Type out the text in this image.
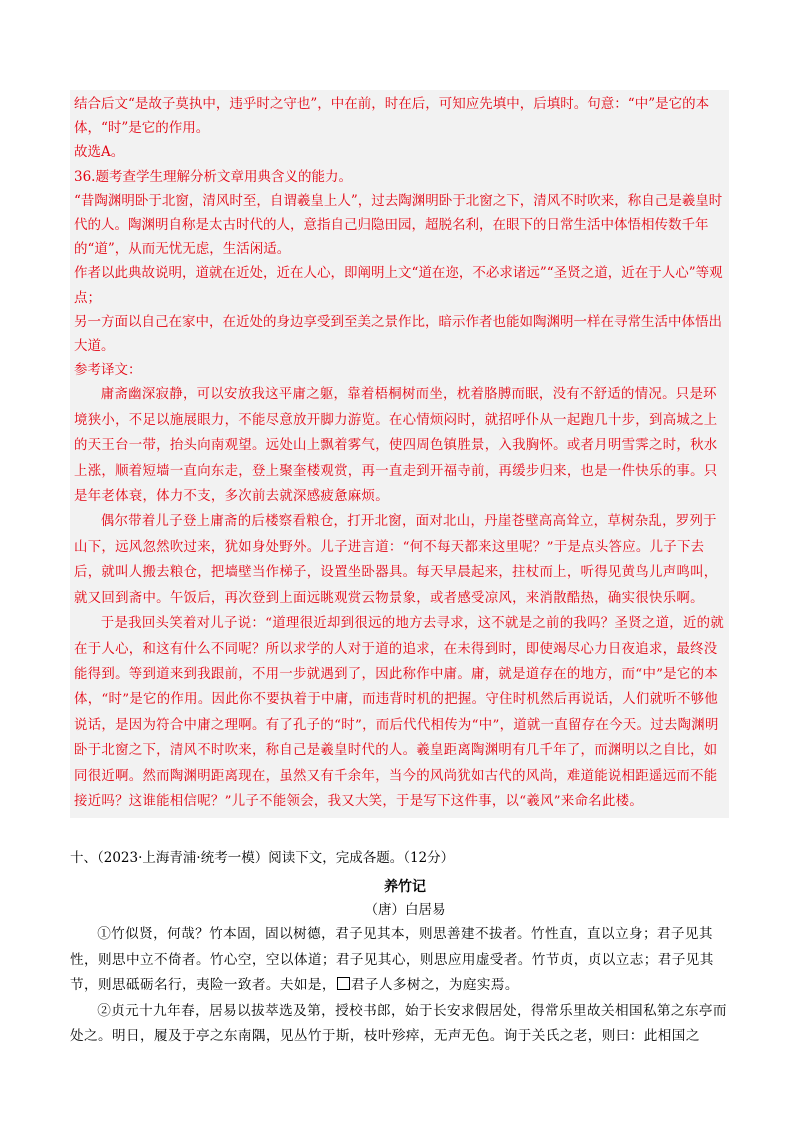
结合后文“是故子莫执中，违乎时之守也”，中在前，时在后，可知应先填中，后填时。句意：“中”是它的本体，“时”是它的作用。
故选A。
36.题考查学生理解分析文章用典含义的能力。
“昔陶渊明卧于北窗，清风时至，自谓羲皇上人”，过去陶渊明卧于北窗之下，清风不时吹来，称自己是羲皇时代的人。陶渊明自称是太古时代的人，意指自己归隐田园，超脱名利，在眼下的日常生活中体悟相传数千年的“道”，从而无忧无虑，生活闲适。
作者以此典故说明，道就在近处，近在人心，即阐明上文“道在迩，不必求诸远”“圣贤之道，近在于人心”等观点；
另一方面以自己在家中，在近处的身边享受到至美之景作比，暗示作者也能如陶渊明一样在寻常生活中体悟出大道。
参考译文：
庸斋幽深寂静，可以安放我这平庸之躯，靠着梧桐树而坐，枕着胳膊而眠，没有不舒适的情况。只是环境狭小，不足以施展眼力，不能尽意放开脚力游览。在心情烦闷时，就招呼仆从一起跑几十步，到高城之上的天王台一带，抬头向南观望。远处山上飘着雾气，使四周色镇胜景，入我胸怀。或者月明雪霁之时，秋水上涨，顺着短墙一直向东走，登上聚奎楼观赏，再一直走到开福寺前，再缓步归来，也是一件快乐的事。只是年老体衰，体力不支，多次前去就深感疲惫麻烦。
偶尔带着儿子登上庸斋的后楼察看粮仓，打开北窗，面对北山，丹崖苍壁高高耸立，草树杂乱，罗列于山下，远风忽然吹过来，犹如身处野外。儿子进言道：“何不每天都来这里呢？”于是点头答应。儿子下去后，就叫人搬去粮仓，把墙壁当作梯子，设置坐卧器具。每天早晨起来，拄杖而上，听得见黄鸟儿声鸣叫，就又回到斋中。午饭后，再次登到上面远眺观赏云物景象，或者感受凉风，来消散酷热，确实很快乐啊。
于是我回头笑着对儿子说：“道理很近却到很远的地方去寻求，这不就是之前的我吗？圣贤之道，近的就在于人心，和这有什么不同呢？所以求学的人对于道的追求，在未得到时，即使竭尽心力日夜追求，最终没能得到。等到道来到我跟前，不用一步就遇到了，因此称作中庸。庸，就是道存在的地方，而“中”是它的本体，“时”是它的作用。因此你不要执着于中庸，而违背时机的把握。守住时机然后再说话，人们就听不够他说话，是因为符合中庸之理啊。有了孔子的“时”，而后代代相传为“中”，道就一直留存在今天。过去陶渊明卧于北窗之下，清风不时吹来，称自己是羲皇时代的人。羲皇距离陶渊明有几千年了，而渊明以之自比，如同很近啊。然而陶渊明距离现在，虽然又有千余年，当今的风尚犹如古代的风尚，难道能说相距遥远而不能接近吗？这谁能相信呢？”儿子不能领会，我又大笑，于是写下这件事，以“羲风”来命名此楼。
十、（2023·上海青浦·统考一模）阅读下文，完成各题。（12分）
养竹记
（唐）白居易
①竹似贤，何哉？竹本固，固以树德，君子见其本，则思善建不拔者。竹性直，直以立身；君子见其性，则思中立不倚者。竹心空，空以体道；君子见其心，则思应用虚受者。竹节贞，贞以立志；君子见其节，则思砥砺名行，夷险一致者。夫如是， 君子人多树之，为庭实焉。
②贞元十九年春，居易以拔萃选及第，授校书郎，始于长安求假居处，得常乐里故关相国私第之东亭而处之。明日，履及于亭之东南隅，见丛竹于斯，枝叶殄瘁，无声无色。询于关氏之老，则曰：此相国之
